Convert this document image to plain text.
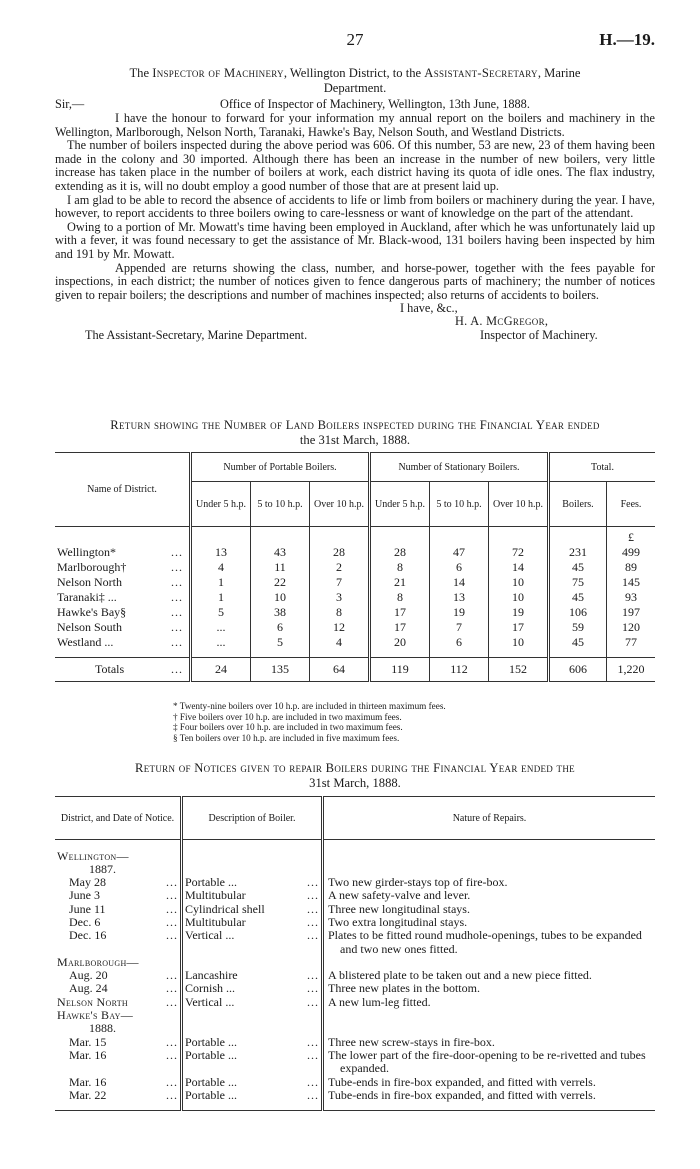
27	H.—19.
The Inspector of Machinery, Wellington District, to the Assistant-Secretary, Marine
Department.
Sir,—	Office of Inspector of Machinery, Wellington, 13th June, 1888.

I have the honour to forward for your information my annual report on the boilers and machinery in the Wellington, Marlborough, Nelson North, Taranaki, Hawke's Bay, Nelson South, and Westland Districts.

The number of boilers inspected during the above period was 606. Of this number, 53 are new, 23 of them having been made in the colony and 30 imported. Although there has been an increase in the number of new boilers, very little increase has taken place in the number of boilers at work, each district having its quota of idle ones. The flax industry, extending as it is, will no doubt employ a good number of those that are at present laid up.

I am glad to be able to record the absence of accidents to life or limb from boilers or machinery during the year. I have, however, to report accidents to three boilers owing to care-lessness or want of knowledge on the part of the attendant.

Owing to a portion of Mr. Mowatt's time having been employed in Auckland, after which he was unfortunately laid up with a fever, it was found necessary to get the assistance of Mr. Black-wood, 131 boilers having been inspected by him and 191 by Mr. Mowatt.

Appended are returns showing the class, number, and horse-power, together with the fees payable for inspections, in each district; the number of notices given to fence dangerous parts of machinery; the number of notices given to repair boilers; the descriptions and number of machines inspected; also returns of accidents to boilers.

I have, &c.,
H. A. McGregor,
Inspector of Machinery.
The Assistant-Secretary, Marine Department.
Return showing the Number of Land Boilers inspected during the Financial Year ended
the 31st March, 1888.
Name of District.	Number of Portable Boilers.			Number of Stationary Boilers.			Total.	
	Under 5 h.p.	5 to 10 h.p.	Over 10 h.p.	Under 5 h.p.	5 to 10 h.p.	Over 10 h.p.	Boilers.	Fees.
								£
Wellington* ...	13	43	28	28	47	72	231	499
Marlborough† ...	4	11	2	8	6	14	45	89
Nelson North ...	1	22	7	21	14	10	75	145
Taranaki‡ ... ...	1	10	3	8	13	10	45	93
Hawke's Bay§ ...	5	38	8	17	19	19	106	197
Nelson South ...	...	6	12	17	7	17	59	120
Westland ... ...	...	5	4	20	6	10	45	77

Totals ...	24	135	64	119	112	152	606	1,220
* Twenty-nine boilers over 10 h.p. are included in thirteen maximum fees.
† Five boilers over 10 h.p. are included in two maximum fees.
‡ Four boilers over 10 h.p. are included in two maximum fees.
§ Ten boilers over 10 h.p. are included in five maximum fees.
Return of Notices given to repair Boilers during the Financial Year ended the
31st March, 1888.
District, and Date of Notice.	Description of Boiler.	Nature of Repairs.

Wellington—		
1887.		
May 28 ...	Portable ... ...	Two new girder-stays top of fire-box.
June 3 ...	Multitubular ...	A new safety-valve and lever.
June 11 ...	Cylindrical shell ...	Three new longitudinal stays.
Dec. 6 ...	Multitubular ...	Two extra longitudinal stays.
Dec. 16 ...	Vertical ... ...	Plates to be fitted round mudhole-openings, tubes to be expanded and two new ones fitted.
Marlborough—		
Aug. 20 ...	Lancashire ...	A blistered plate to be taken out and a new piece fitted.
Aug. 24 ...	Cornish ... ...	Three new plates in the bottom.
Nelson North ...	Vertical ... ...	A new lum-leg fitted.
Hawke's Bay—		
1888.		
Mar. 15 ...	Portable ... ...	Three new screw-stays in fire-box.
Mar. 16 ...	Portable ... ...	The lower part of the fire-door-opening to be re-rivetted and tubes expanded.
Mar. 16 ...	Portable ... ...	Tube-ends in fire-box expanded, and fitted with verrels.
Mar. 22 ...	Portable ... ...	Tube-ends in fire-box expanded, and fitted with verrels.
